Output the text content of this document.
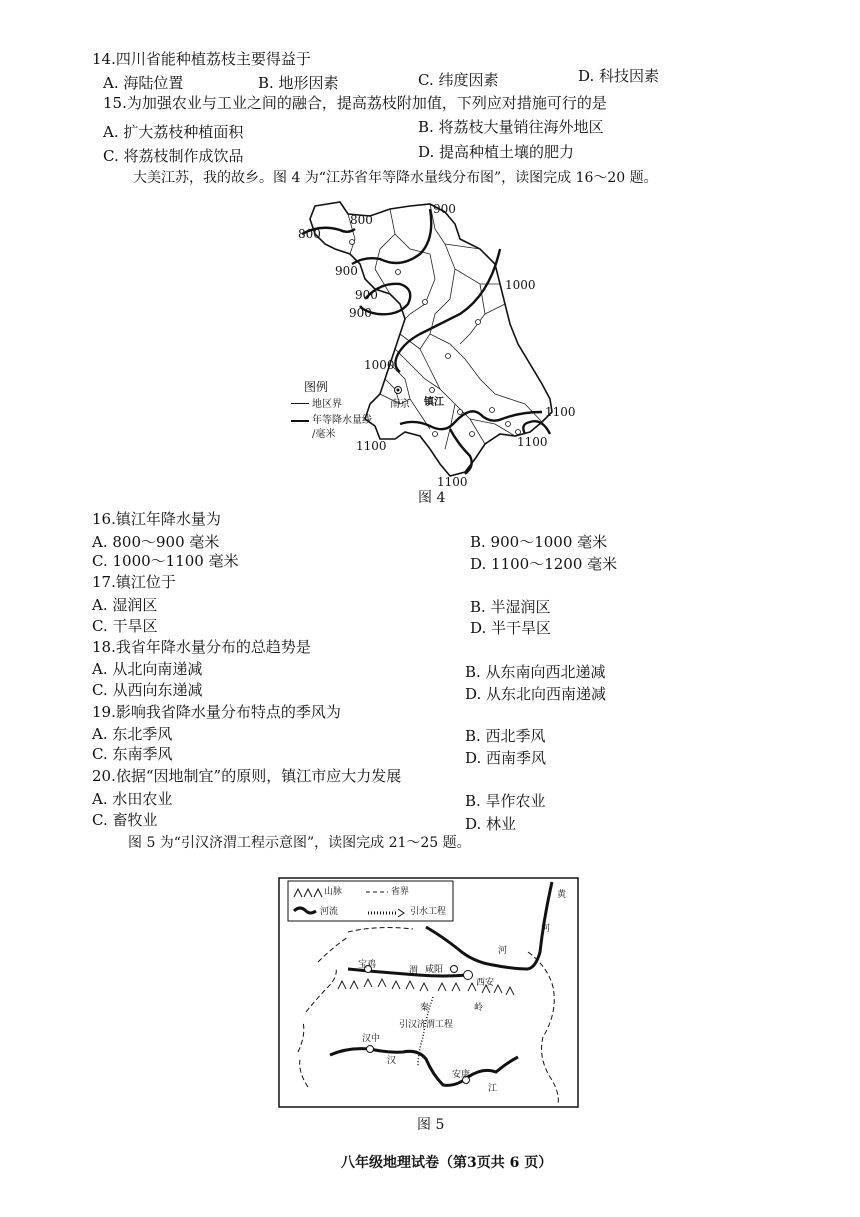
14.四川省能种植荔枝主要得益于
A. 海陆位置	B. 地形因素	C. 纬度因素	D. 科技因素
15.为加强农业与工业之间的融合，提高荔枝附加值，下列应对措施可行的是
A. 扩大荔枝种植面积	B. 将荔枝大量销往海外地区
C. 将荔枝制作成饮品	D. 提高种植土壤的肥力
大美江苏，我的故乡。图 4 为“江苏省年等降水量线分布图”，读图完成 16～20 题。
800
800
900
900
900
900
1000
1000
1100
1100	1100
1100
南京 镇江
图例
地区界
年等降水量线
/毫米
图 4
16.镇江年降水量为
A. 800～900 毫米	B. 900～1000 毫米
C. 1000～1100 毫米	D. 1100～1200 毫米
17.镇江位于
A. 湿润区	B. 半湿润区
C. 干旱区	D. 半干旱区
18.我省年降水量分布的总趋势是
A. 从北向南递减	B. 从东南向西北递减
C. 从西向东递减	D. 从东北向西南递减
19.影响我省降水量分布特点的季风为
A. 东北季风	B. 西北季风
C. 东南季风	D. 西南季风
20.依据“因地制宜”的原则，镇江市应大力发展
A. 水田农业	B. 旱作农业
C. 畜牧业	D. 林业
图 5 为“引汉济渭工程示意图”，读图完成 21～25 题。
山脉	省界
河流	引水工程
黄
河
河
宝鸡
渭 咸阳
西安
秦	岭
引汉济渭工程
汉中
汉
安康
江
图 5
八年级地理试卷（第3页共 6 页）
